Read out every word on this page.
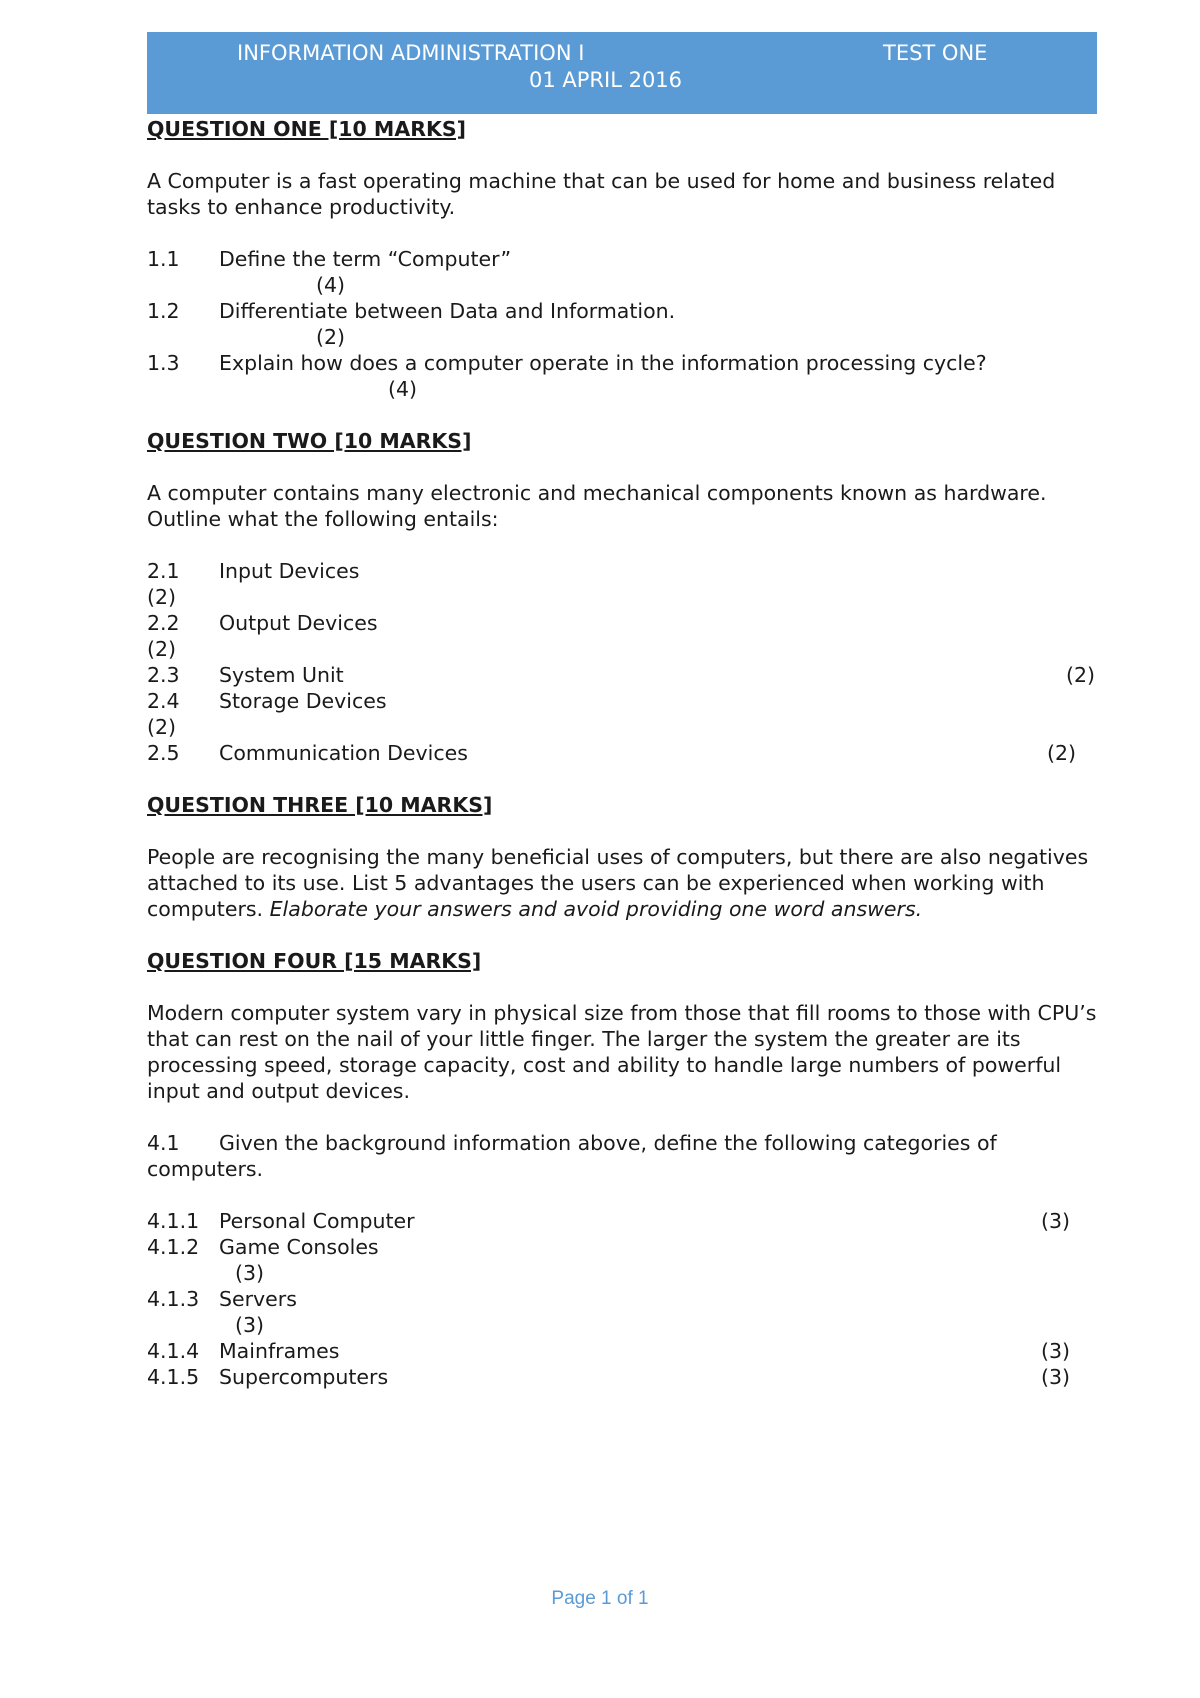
INFORMATION ADMINISTRATION I	TEST ONE
01 APRIL 2016
QUESTION ONE [10 MARKS]
A Computer is a fast operating machine that can be used for home and business related tasks to enhance productivity.
1.1 Define the term “Computer”
(4)
1.2 Differentiate between Data and Information.
(2)
1.3 Explain how does a computer operate in the information processing cycle?
(4)
QUESTION TWO [10 MARKS]
A computer contains many electronic and mechanical components known as hardware. Outline what the following entails:
2.1 Input Devices
(2)
2.2 Output Devices
(2)
2.3 System Unit	(2)
2.4 Storage Devices
(2)
2.5 Communication Devices	(2)
QUESTION THREE [10 MARKS]
People are recognising the many beneficial uses of computers, but there are also negatives attached to its use. List 5 advantages the users can be experienced when working with computers. Elaborate your answers and avoid providing one word answers.
QUESTION FOUR [15 MARKS]
Modern computer system vary in physical size from those that fill rooms to those with CPU’s that can rest on the nail of your little finger. The larger the system the greater are its processing speed, storage capacity, cost and ability to handle large numbers of powerful input and output devices.
4.1 Given the background information above, define the following categories of computers.
4.1.1 Personal Computer	(3)
4.1.2 Game Consoles
(3)
4.1.3 Servers
(3)
4.1.4 Mainframes	(3)
4.1.5 Supercomputers	(3)
Page 1 of 1
